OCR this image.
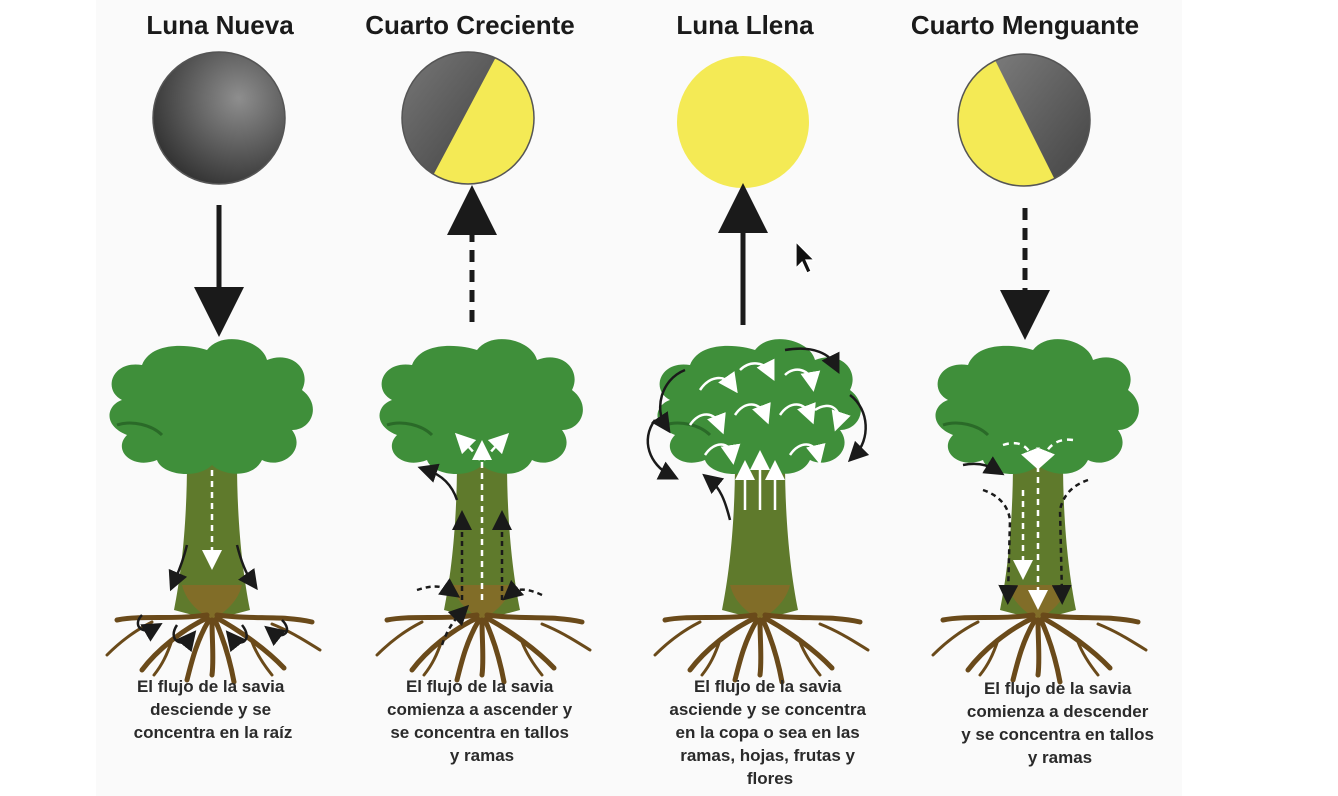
Luna Nueva
El flujo de la savia desciende y se concentra en la raíz
Cuarto Creciente
El flujo de la savia comienza a ascender y se concentra en tallos y ramas
Luna Llena
El flujo de la savia asciende y se concentra en la copa o sea en las ramas, hojas, frutas y flores
Cuarto Menguante
El flujo de la savia comienza a descender y se concentra en tallos y ramas
